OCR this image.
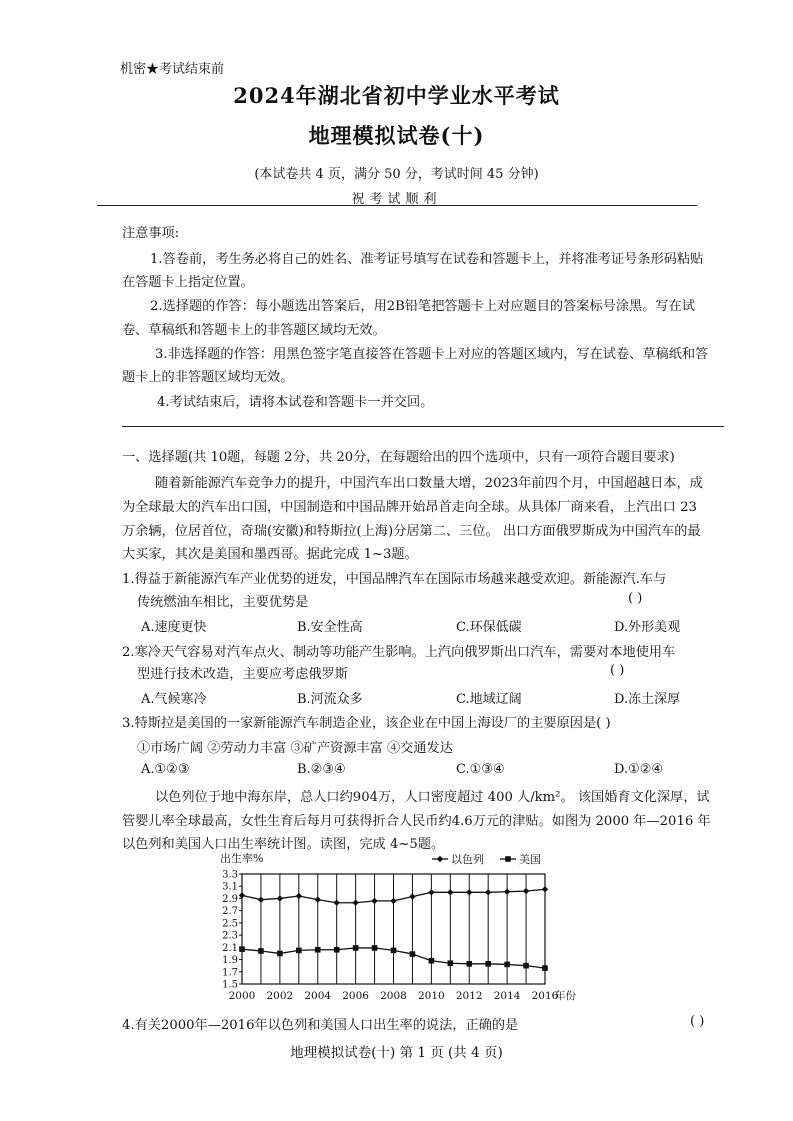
机密★考试结束前
2024年湖北省初中学业水平考试
地理模拟试卷(十)
(本试卷共 4 页，满分 50 分，考试时间 45 分钟)
祝考试顺利
注意事项:
1.答卷前，考生务必将自己的姓名、准考证号填写在试卷和答题卡上，并将准考证号条形码粘贴
在答题卡上指定位置。
2.选择题的作答：每小题选出答案后，用2B铅笔把答题卡上对应题目的答案标号涂黑。写在试
卷、草稿纸和答题卡上的非答题区域均无效。
3.非选择题的作答：用黑色签字笔直接答在答题卡上对应的答题区域内，写在试卷、草稿纸和答
题卡上的非答题区域均无效。
4.考试结束后，请将本试卷和答题卡一并交回。
一、选择题(共 10题，每题 2分，共 20分，在每题给出的四个选项中，只有一项符合题目要求)
随着新能源汽车竞争力的提升，中国汽车出口数量大增，2023年前四个月，中国超越日本，成
为全球最大的汽车出口国，中国制造和中国品牌开始昂首走向全球。从具体厂商来看，上汽出口 23
万余辆，位居首位，奇瑞(安徽)和特斯拉(上海)分居第二、三位。 出口方面俄罗斯成为中国汽车的最
大买家，其次是美国和墨西哥。据此完成 1~3题。
1.得益于新能源汽车产业优势的迸发，中国品牌汽车在国际市场越来越受欢迎。新能源汽.车与
传统燃油车相比，主要优势是	( )
A.速度更快	B.安全性高	C.环保低碳	D.外形美观
2.寒冷天气容易对汽车点火、制动等功能产生影响。上汽向俄罗斯出口汽车，需要对本地使用车
型进行技术改造，主要应考虑俄罗斯	( )
A.气候寒冷	B.河流众多	C.地域辽阔	D.冻土深厚
3.特斯拉是美国的一家新能源汽车制造企业，该企业在中国上海设厂的主要原因是( )
①市场广阔 ②劳动力丰富 ③矿产资源丰富 ④交通发达
A.①②③	B.②③④	C.①③④	D.①②④
以色列位于地中海东岸，总人口约904万，人口密度超过 400 人/km²。 该国婚育文化深厚，试
管婴儿率全球最高，女性生育后每月可获得折合人民币约4.6万元的津贴。如图为 2000 年—2016 年
以色列和美国人口出生率统计图。读图，完成 4~5题。
3.3
3.1
2.9
2.7
2.5
2.3
2.1
1.9
1.7
1.5
2000 2002 2004 2006 2008 2010 2012 2014 2016
出生率%
年份
以色列	美国
4.有关2000年—2016年以色列和美国人口出生率的说法，正确的是	( )
地理模拟试卷(十) 第 1 页 (共 4 页)
